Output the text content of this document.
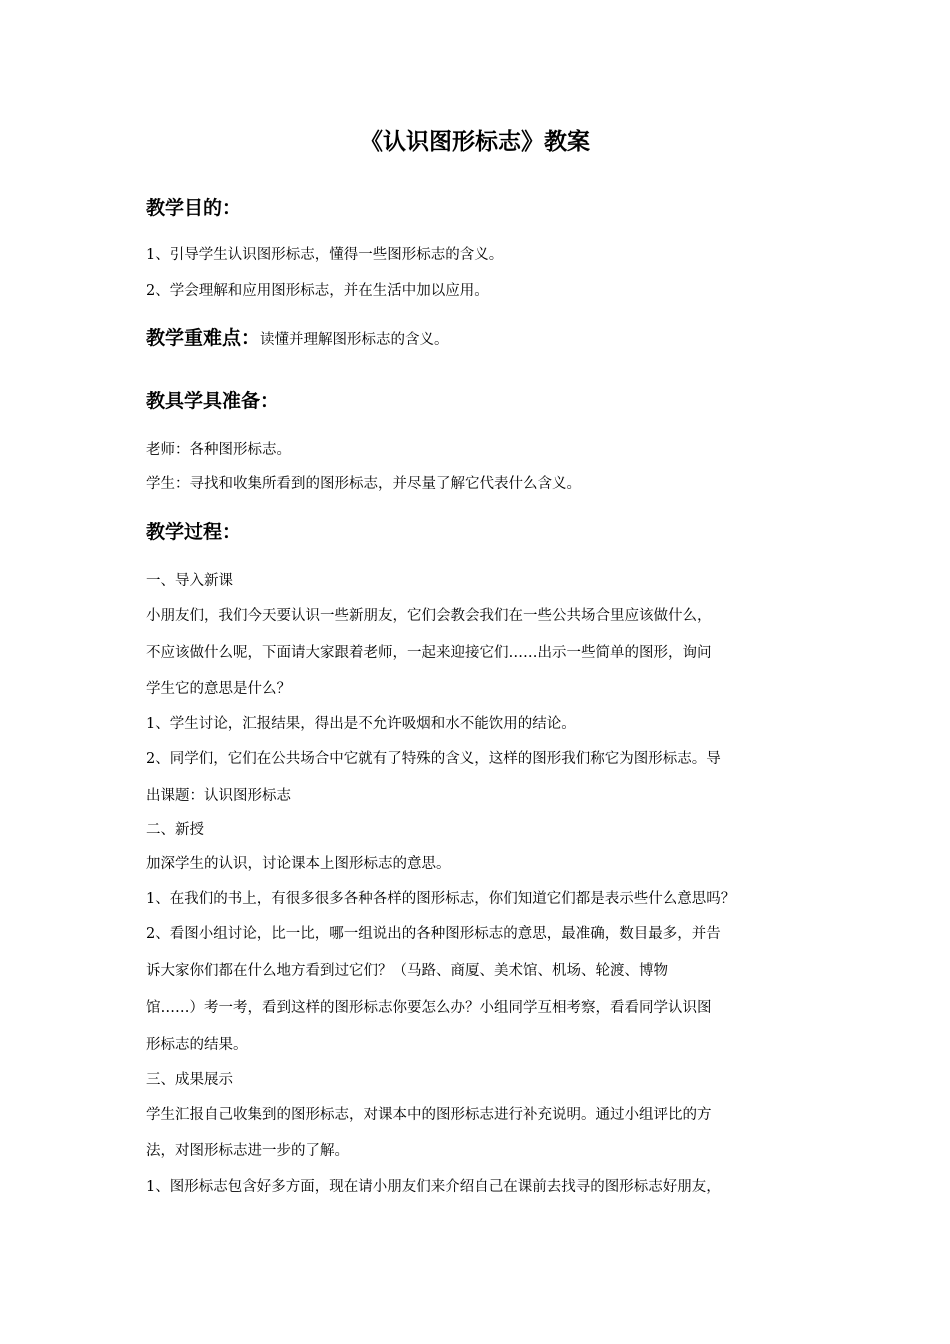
《认识图形标志》教案
教学目的：

1、引导学生认识图形标志，懂得一些图形标志的含义。

2、学会理解和应用图形标志，并在生活中加以应用。

教学重难点：读懂并理解图形标志的含义。
教具学具准备：

老师：各种图形标志。

学生：寻找和收集所看到的图形标志，并尽量了解它代表什么含义。

教学过程：

一、导入新课

小朋友们，我们今天要认识一些新朋友，它们会教会我们在一些公共场合里应该做什么，

不应该做什么呢，下面请大家跟着老师，一起来迎接它们……出示一些简单的图形，询问

学生它的意思是什么？

1、学生讨论，汇报结果，得出是不允许吸烟和水不能饮用的结论。

2、同学们，它们在公共场合中它就有了特殊的含义，这样的图形我们称它为图形标志。导

出课题：认识图形标志

二、新授

加深学生的认识，讨论课本上图形标志的意思。

1、在我们的书上，有很多很多各种各样的图形标志，你们知道它们都是表示些什么意思吗？

2、看图小组讨论，比一比，哪一组说出的各种图形标志的意思，最准确，数目最多，并告

诉大家你们都在什么地方看到过它们？（马路、商厦、美术馆、机场、轮渡、博物

馆……）考一考，看到这样的图形标志你要怎么办？小组同学互相考察，看看同学认识图

形标志的结果。

三、成果展示

学生汇报自己收集到的图形标志，对课本中的图形标志进行补充说明。通过小组评比的方

法，对图形标志进一步的了解。

1、图形标志包含好多方面，现在请小朋友们来介绍自己在课前去找寻的图形标志好朋友，
